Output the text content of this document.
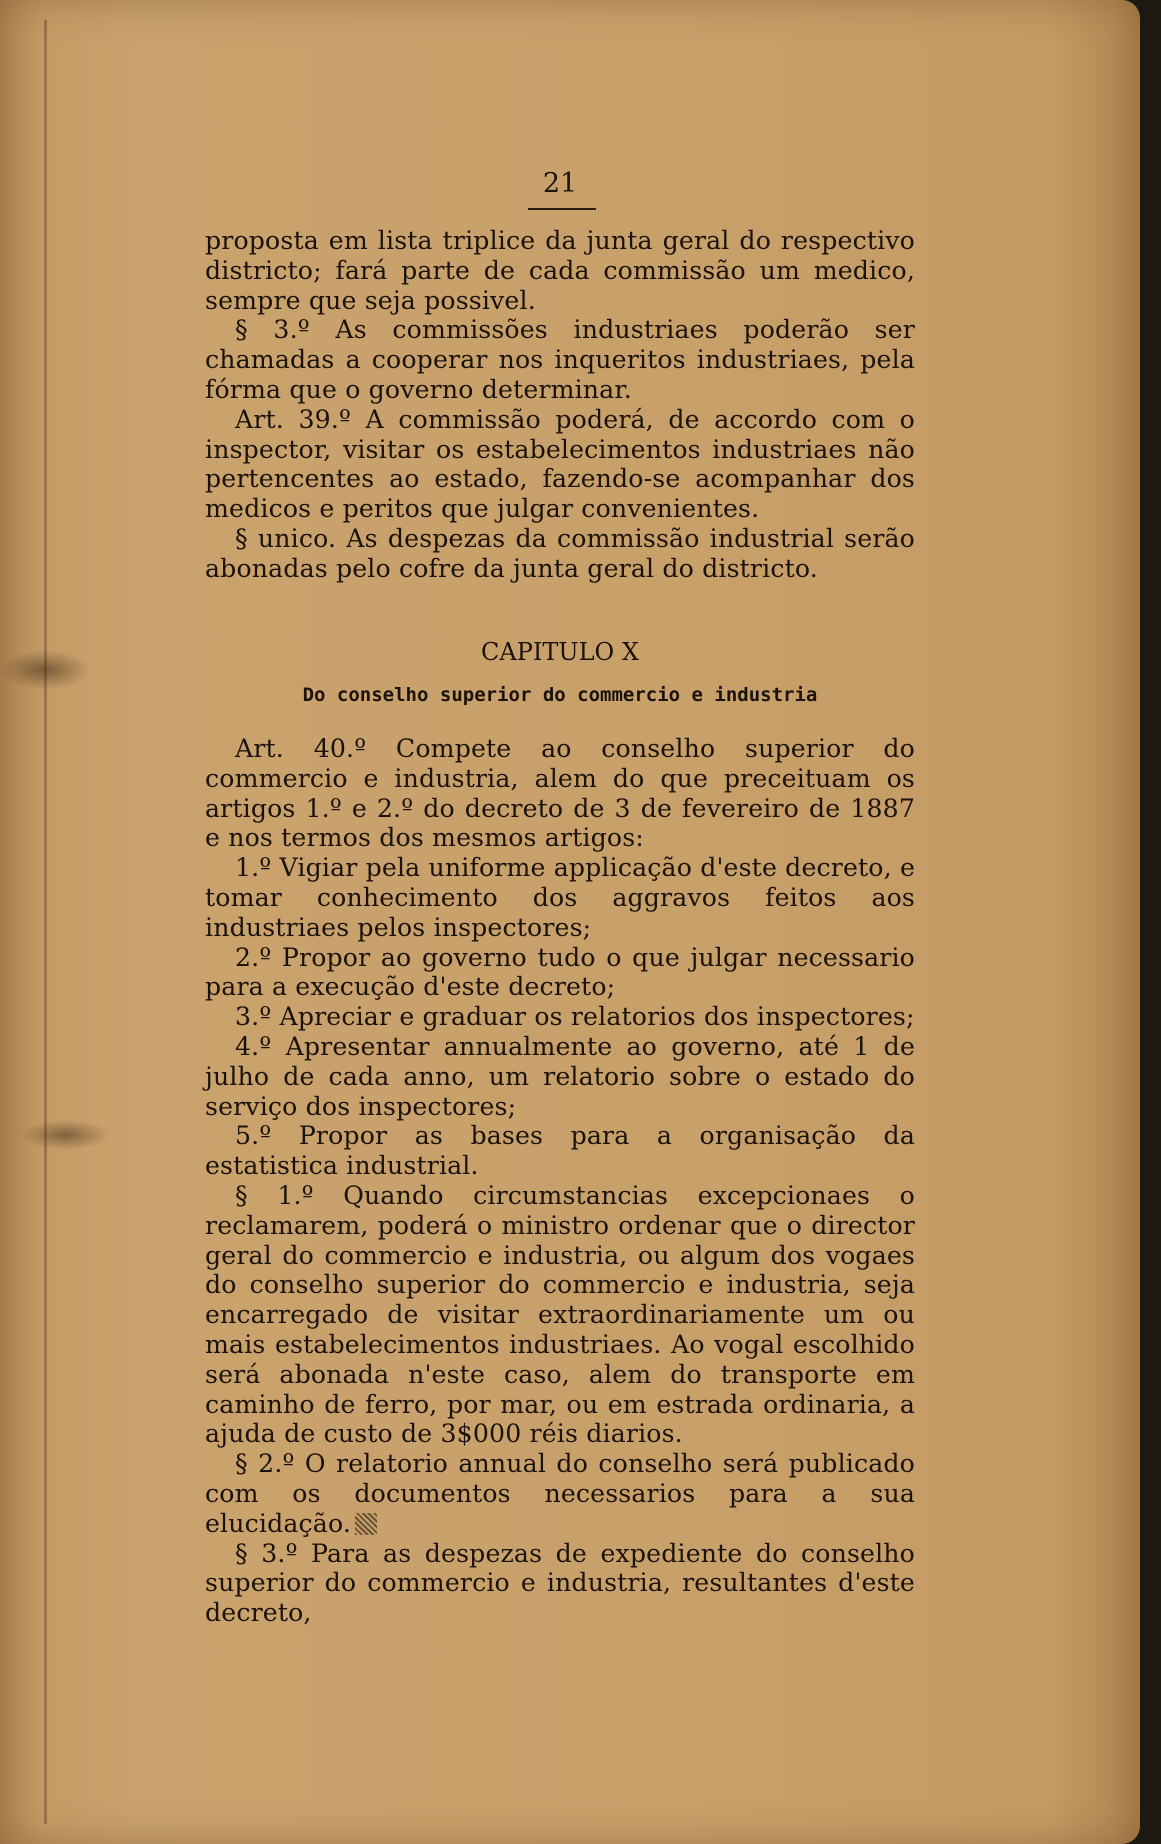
21

proposta em lista triplice da junta geral do respectivo districto; fará parte de cada commissão um medico, sempre que seja possivel.

§ 3.º As commissões industriaes poderão ser chamadas a cooperar nos inqueritos industriaes, pela fórma que o governo determinar.

Art. 39.º A commissão poderá, de accordo com o inspector, visitar os estabelecimentos industriaes não pertencentes ao estado, fazendo-se acompanhar dos medicos e peritos que julgar convenientes.

§ unico. As despezas da commissão industrial serão abonadas pelo cofre da junta geral do districto.

CAPITULO X
Do conselho superior do commercio e industria

Art. 40.º Compete ao conselho superior do commercio e industria, alem do que preceituam os artigos 1.º e 2.º do decreto de 3 de fevereiro de 1887 e nos termos dos mesmos artigos:

1.º Vigiar pela uniforme applicação d'este decreto, e tomar conhecimento dos aggravos feitos aos industriaes pelos inspectores;

2.º Propor ao governo tudo o que julgar necessario para a execução d'este decreto;

3.º Apreciar e graduar os relatorios dos inspectores;

4.º Apresentar annualmente ao governo, até 1 de julho de cada anno, um relatorio sobre o estado do serviço dos inspectores;

5.º Propor as bases para a organisação da estatistica industrial.

§ 1.º Quando circumstancias excepcionaes o reclamarem, poderá o ministro ordenar que o director geral do commercio e industria, ou algum dos vogaes do conselho superior do commercio e industria, seja encarregado de visitar extraordinariamente um ou mais estabelecimentos industriaes. Ao vogal escolhido será abonada n'este caso, alem do transporte em caminho de ferro, por mar, ou em estrada ordinaria, a ajuda de custo de 3$000 réis diarios.

§ 2.º O relatorio annual do conselho será publicado com os documentos necessarios para a sua elucidação.

§ 3.º Para as despezas de expediente do conselho superior do commercio e industria, resultantes d'este decreto,
